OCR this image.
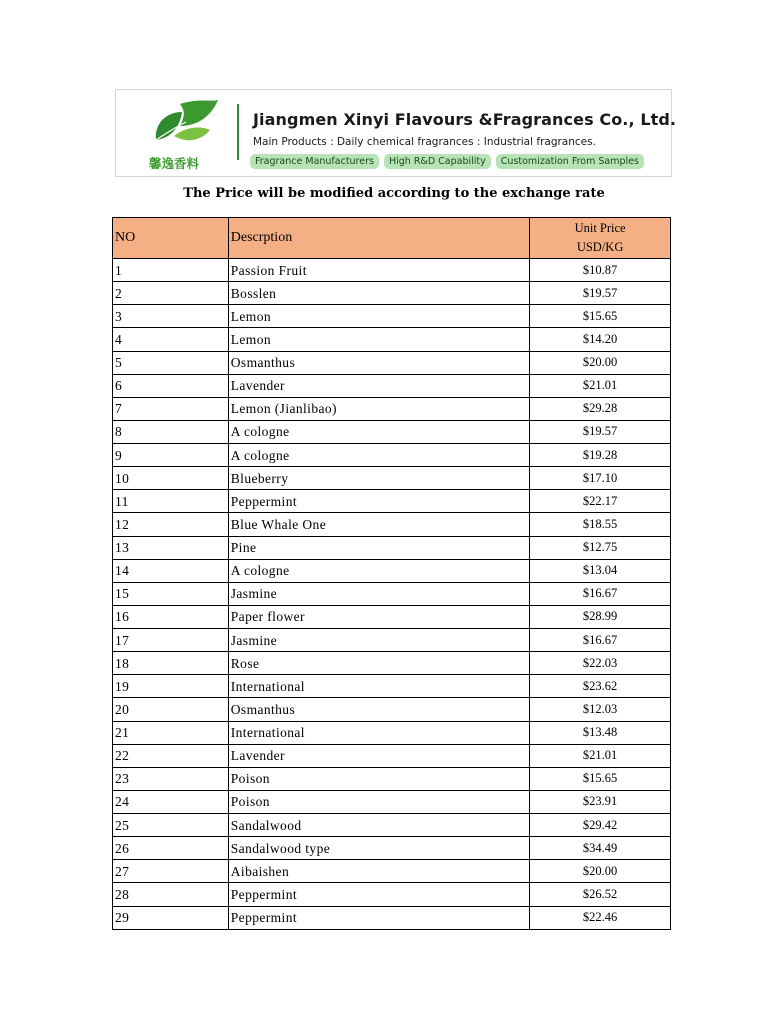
馨逸香料
Jiangmen Xinyi Flavours &Fragrances Co., Ltd.
Main Products : Daily chemical fragrances : Industrial fragrances.
Fragrance Manufacturers	High R&D Capability	Customization From Samples
The Price will be modified according to the exchange rate
NO	Descrption	Unit Price
USD/KG

1	Passion Fruit	$10.87
2	Bosslen	$19.57
3	Lemon	$15.65
4	Lemon	$14.20
5	Osmanthus	$20.00
6	Lavender	$21.01
7	Lemon (Jianlibao)	$29.28
8	A cologne	$19.57
9	A cologne	$19.28
10	Blueberry	$17.10
11	Peppermint	$22.17
12	Blue Whale One	$18.55
13	Pine	$12.75
14	A cologne	$13.04
15	Jasmine	$16.67
16	Paper flower	$28.99
17	Jasmine	$16.67
18	Rose	$22.03
19	International	$23.62
20	Osmanthus	$12.03
21	International	$13.48
22	Lavender	$21.01
23	Poison	$15.65
24	Poison	$23.91
25	Sandalwood	$29.42
26	Sandalwood type	$34.49
27	Aibaishen	$20.00
28	Peppermint	$26.52
29	Peppermint	$22.46
